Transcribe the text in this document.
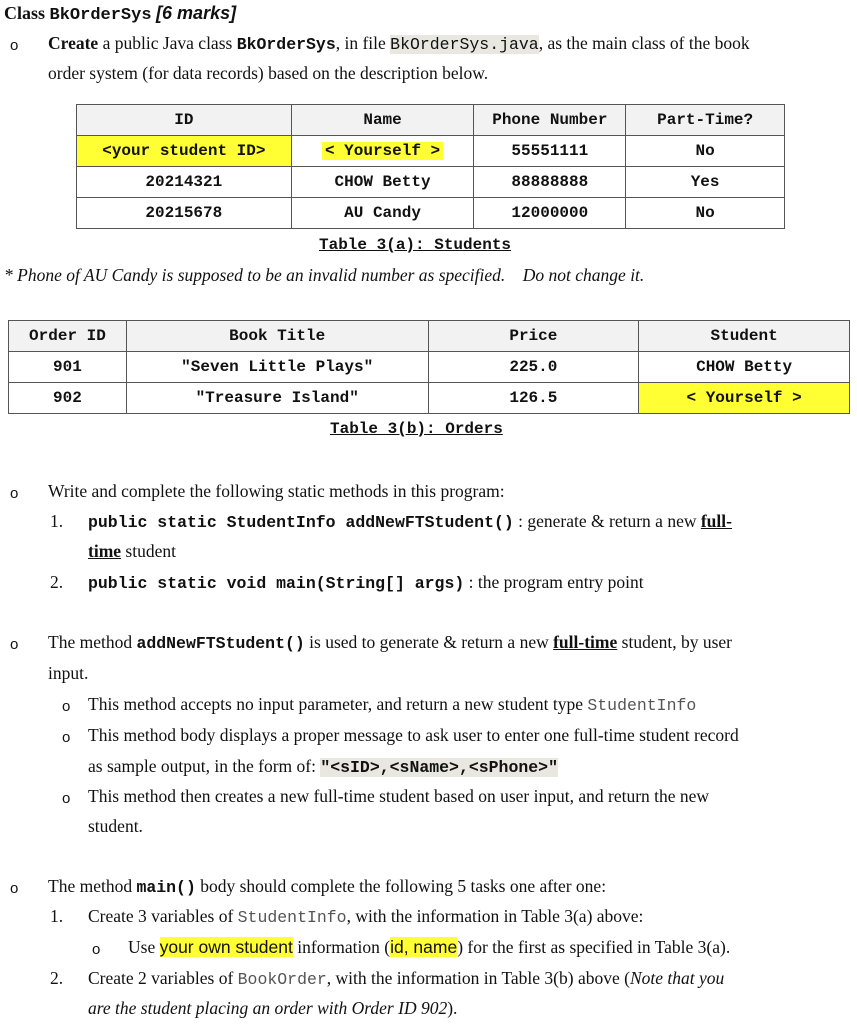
Class BkOrderSys [6 marks]
o Create a public Java class BkOrderSys, in file BkOrderSys.java, as the main class of the book
order system (for data records) based on the description below.
ID	Name	Phone Number	Part-Time?
<your student ID>	< Yourself >	55551111	No
20214321	CHOW Betty	88888888	Yes
20215678	AU Candy	12000000	No
Table 3(a): Students
* Phone of AU Candy is supposed to be an invalid number as specified.    Do not change it.
Order ID	Book Title	Price	Student
901	"Seven Little Plays"	225.0	CHOW Betty
902	"Treasure Island"	126.5	< Yourself >
Table 3(b): Orders
o Write and complete the following static methods in this program:
1. public static StudentInfo addNewFTStudent() : generate & return a new full-
time student
2. public static void main(String[] args) : the program entry point
o The method addNewFTStudent() is used to generate & return a new full-time student, by user
input.
o This method accepts no input parameter, and return a new student type StudentInfo
o This method body displays a proper message to ask user to enter one full-time student record
as sample output, in the form of: "<sID>,<sName>,<sPhone>"
o This method then creates a new full-time student based on user input, and return the new
student.
o The method main() body should complete the following 5 tasks one after one:
1. Create 3 variables of StudentInfo, with the information in Table 3(a) above:
o Use your own student information (id, name) for the first as specified in Table 3(a).
2. Create 2 variables of BookOrder, with the information in Table 3(b) above (Note that you
are the student placing an order with Order ID 902).
